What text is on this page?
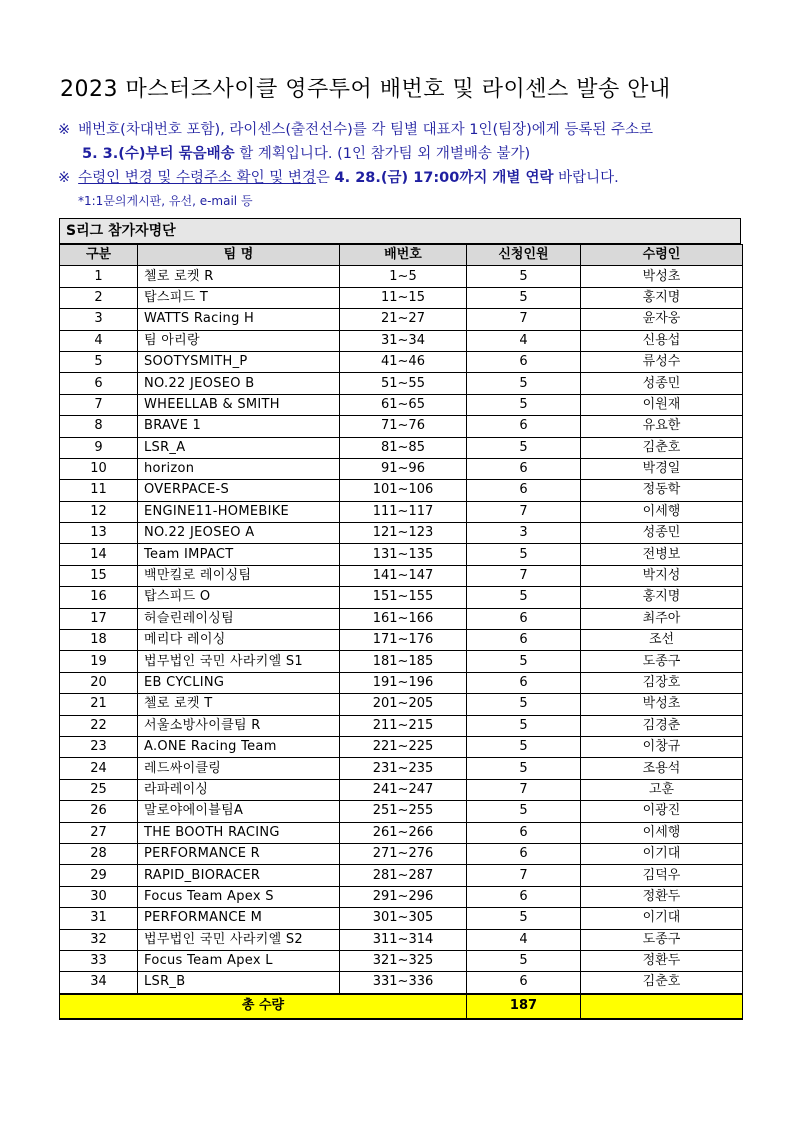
2023 마스터즈사이클 영주투어 배번호 및 라이센스 발송 안내
※ 배번호(차대번호 포함), 라이센스(출전선수)를 각 팀별 대표자 1인(팀장)에게 등록된 주소로
5. 3.(수)부터 묶음배송 할 계획입니다. (1인 참가팀 외 개별배송 불가)
※ 수령인 변경 및 수령주소 확인 및 변경은 4. 28.(금) 17:00까지 개별 연락 바랍니다.
*1:1문의게시판, 유선, e-mail 등
S리그 참가자명단
구분	팀 명	배번호	신청인원	수령인
1	첼로 로켓 R	1~5	5	박성초
2	탑스피드 T	11~15	5	홍지명
3	WATTS Racing H	21~27	7	윤자웅
4	팀 아리랑	31~34	4	신용섭
5	SOOTYSMITH_P	41~46	6	류성수
6	NO.22 JEOSEO B	51~55	5	성종민
7	WHEELLAB & SMITH	61~65	5	이원재
8	BRAVE 1	71~76	6	유요한
9	LSR_A	81~85	5	김춘호
10	horizon	91~96	6	박경일
11	OVERPACE-S	101~106	6	정동학
12	ENGINE11-HOMEBIKE	111~117	7	이세행
13	NO.22 JEOSEO A	121~123	3	성종민
14	Team IMPACT	131~135	5	전병보
15	백만킬로 레이싱팀	141~147	7	박지성
16	탑스피드 O	151~155	5	홍지명
17	허슬린레이싱팀	161~166	6	최주아
18	메리다 레이싱	171~176	6	조선
19	법무법인 국민 사라키엘 S1	181~185	5	도종구
20	EB CYCLING	191~196	6	김장호
21	첼로 로켓 T	201~205	5	박성초
22	서울소방사이클팀 R	211~215	5	김경춘
23	A.ONE Racing Team	221~225	5	이창규
24	레드싸이클링	231~235	5	조용석
25	라파레이싱	241~247	7	고훈
26	말로야에이블팀A	251~255	5	이광진
27	THE BOOTH RACING	261~266	6	이세행
28	PERFORMANCE R	271~276	6	이기대
29	RAPID_BIORACER	281~287	7	김덕우
30	Focus Team Apex S	291~296	6	정환두
31	PERFORMANCE M	301~305	5	이기대
32	법무법인 국민 사라키엘 S2	311~314	4	도종구
33	Focus Team Apex L	321~325	5	정환두
34	LSR_B	331~336	6	김춘호
총 수량			187	
